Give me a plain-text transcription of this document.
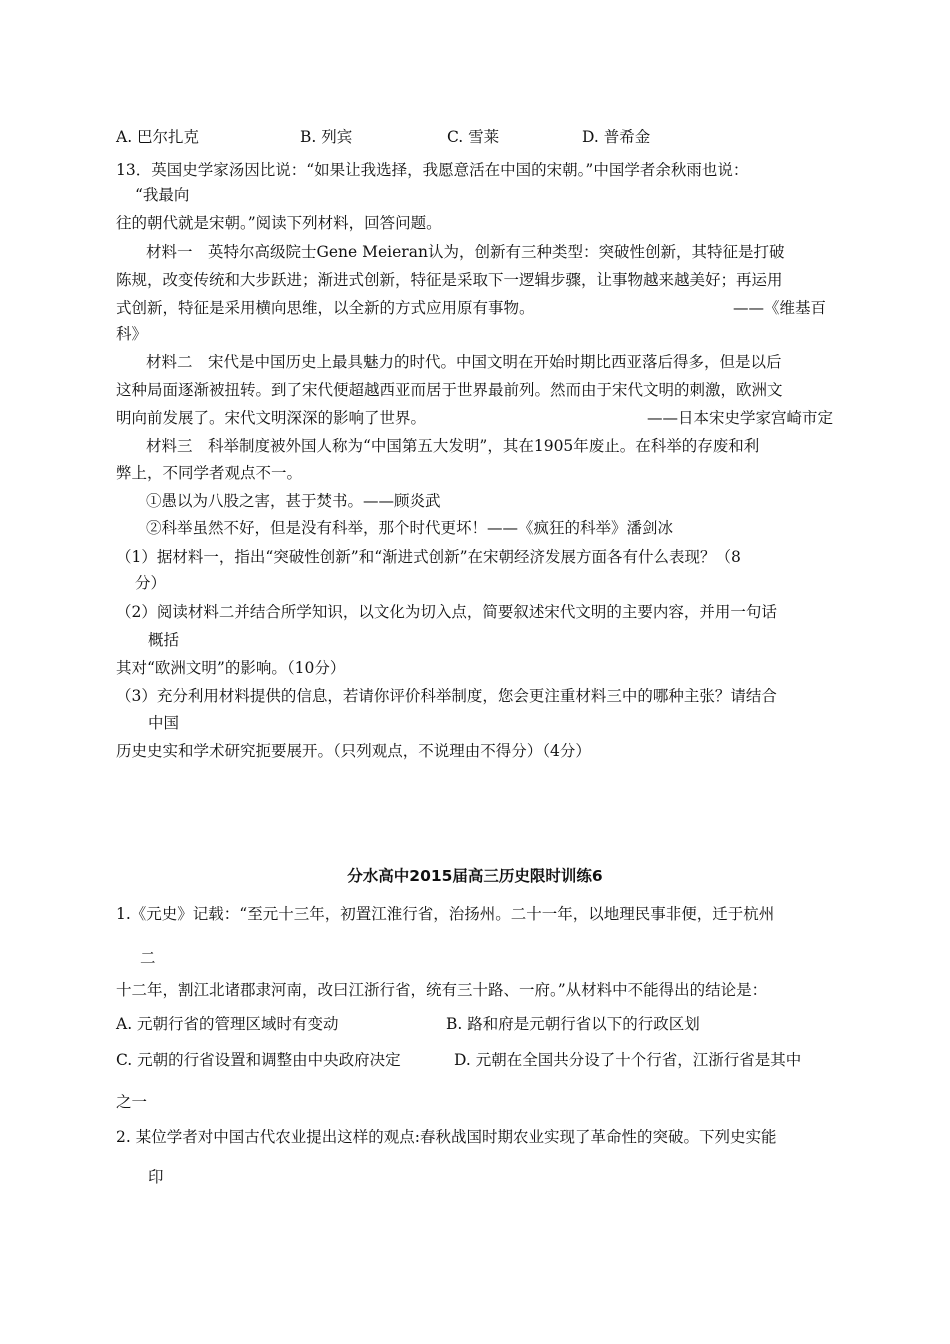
A. 巴尔扎克	B. 列宾	C. 雪莱	D. 普希金
13．英国史学家汤因比说：“如果让我选择，我愿意活在中国的宋朝。”中国学者余秋雨也说：
“我最向
往的朝代就是宋朝。”阅读下列材料，回答问题。
材料一　英特尔高级院士Gene Meieran认为，创新有三种类型：突破性创新，其特征是打破
陈规，改变传统和大步跃进；渐进式创新，特征是采取下一逻辑步骤，让事物越来越美好；再运用
式创新，特征是采用横向思维，以全新的方式应用原有事物。	——《维基百
科》
材料二　宋代是中国历史上最具魅力的时代。中国文明在开始时期比西亚落后得多，但是以后
这种局面逐渐被扭转。到了宋代便超越西亚而居于世界最前列。然而由于宋代文明的刺激，欧洲文
明向前发展了。宋代文明深深的影响了世界。	——日本宋史学家宫崎市定
材料三　科举制度被外国人称为“中国第五大发明”，其在1905年废止。在科举的存废和利
弊上，不同学者观点不一。
①愚以为八股之害，甚于焚书。——顾炎武
②科举虽然不好，但是没有科举，那个时代更坏！——《疯狂的科举》潘剑冰
（1）据材料一，指出“突破性创新”和“渐进式创新”在宋朝经济发展方面各有什么表现？（8
分）
（2）阅读材料二并结合所学知识，以文化为切入点，简要叙述宋代文明的主要内容，并用一句话
概括
其对“欧洲文明”的影响。（10分）
（3）充分利用材料提供的信息，若请你评价科举制度，您会更注重材料三中的哪种主张？请结合
中国
历史史实和学术研究扼要展开。（只列观点，不说理由不得分）（4分）
分水高中2015届高三历史限时训练6
1.《元史》记载：“至元十三年，初置江淮行省，治扬州。二十一年，以地理民事非便，迁于杭州
二
十二年，割江北诸郡隶河南，改曰江浙行省，统有三十路、一府。”从材料中不能得出的结论是：
A. 元朝行省的管理区域时有变动	B. 路和府是元朝行省以下的行政区划
C. 元朝的行省设置和调整由中央政府决定	D. 元朝在全国共分设了十个行省，江浙行省是其中
之一
2. 某位学者对中国古代农业提出这样的观点:春秋战国时期农业实现了革命性的突破。下列史实能
印
